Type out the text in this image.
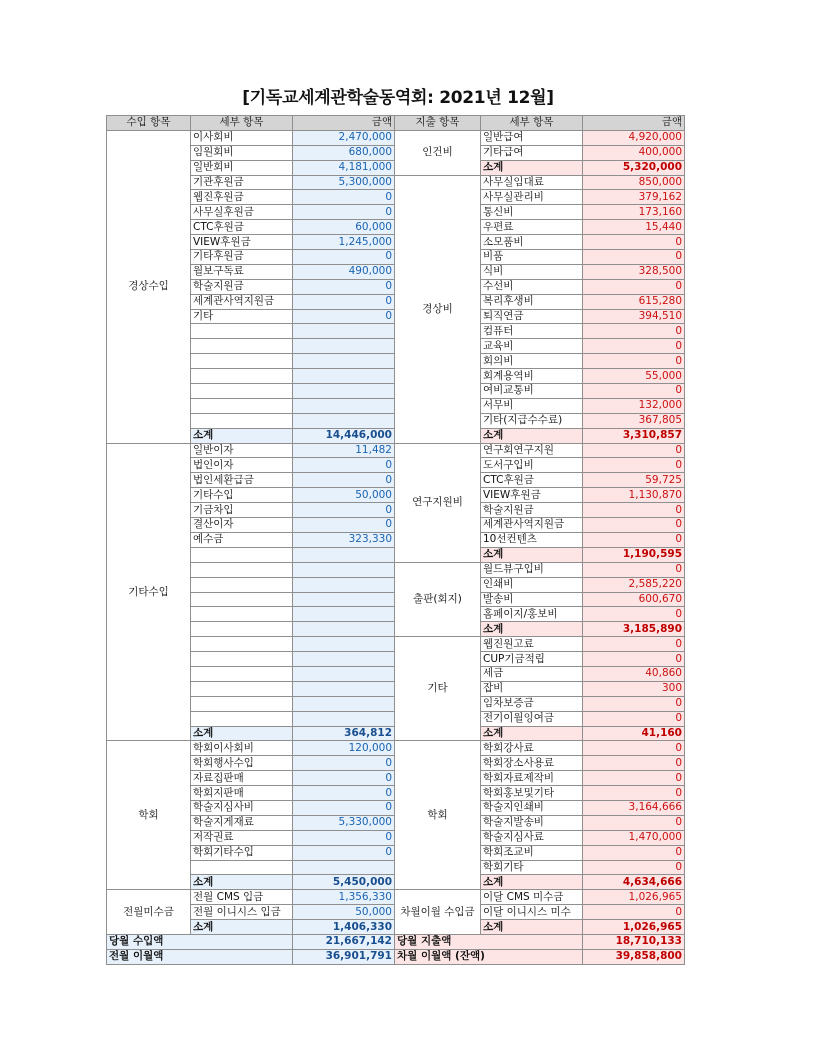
[기독교세계관학술동역회: 2021년 12월]
수입 항목	세부 항목	금액	지출 항목	세부 항목	금액
경상수입	이사회비	2,470,000	인건비	일반급여	4,920,000
	임원회비	680,000		기타급여	400,000
	일반회비	4,181,000		소계	5,320,000
	기관후원금	5,300,000	경상비	사무실임대료	850,000
	웹진후원금	0		사무실관리비	379,162
	사무실후원금	0		통신비	173,160
	CTC후원금	60,000		우편료	15,440
	VIEW후원금	1,245,000		소모품비	0
	기타후원금	0		비품	0
	월보구독료	490,000		식비	328,500
	학술지원금	0		수선비	0
	세계관사역지원금	0		복리후생비	615,280
	기타	0		퇴직연금	394,510
				컴퓨터	0
				교육비	0
				회의비	0
				회계용역비	55,000
				여비교통비	0
				서무비	132,000
				기타(지급수수료)	367,805
	소계	14,446,000		소계	3,310,857
기타수입	일반이자	11,482	연구지원비	연구회연구지원	0
	법인이자	0		도서구입비	0
	법인세환급금	0		CTC후원금	59,725
	기타수입	50,000		VIEW후원금	1,130,870
	기금차입	0		학술지원금	0
	결산이자	0		세계관사역지원금	0
	예수금	323,330		10선컨텐츠	0
				소계	1,190,595
			출판(회지)	월드뷰구입비	0
				인쇄비	2,585,220
				발송비	600,670
				홈페이지/홍보비	0
				소계	3,185,890
			기타	웹진원고료	0
				CUP기금적립	0
				세금	40,860
				잡비	300
				임차보증금	0
				전기이월잉여금	0
	소계	364,812		소계	41,160
학회	학회이사회비	120,000	학회	학회강사료	0
	학회행사수입	0		학회장소사용료	0
	자료집판매	0		학회자료제작비	0
	학회지판매	0		학회홍보및기타	0
	학술지심사비	0		학술지인쇄비	3,164,666
	학술지게재료	5,330,000		학술지발송비	0
	저작권료	0		학술지심사료	1,470,000
	학회기타수입	0		학회조교비	0
				학회기타	0
	소계	5,450,000		소계	4,634,666
전월미수금	전월 CMS 입금	1,356,330	차월이월 수입금	이달 CMS 미수금	1,026,965
	전월 이니시스 입금	50,000		이달 이니시스 미수	0
	소계	1,406,330		소계	1,026,965
당월 수입액		21,667,142	당월 지출액		18,710,133
전월 이월액		36,901,791	차월 이월액 (잔액)		39,858,800
